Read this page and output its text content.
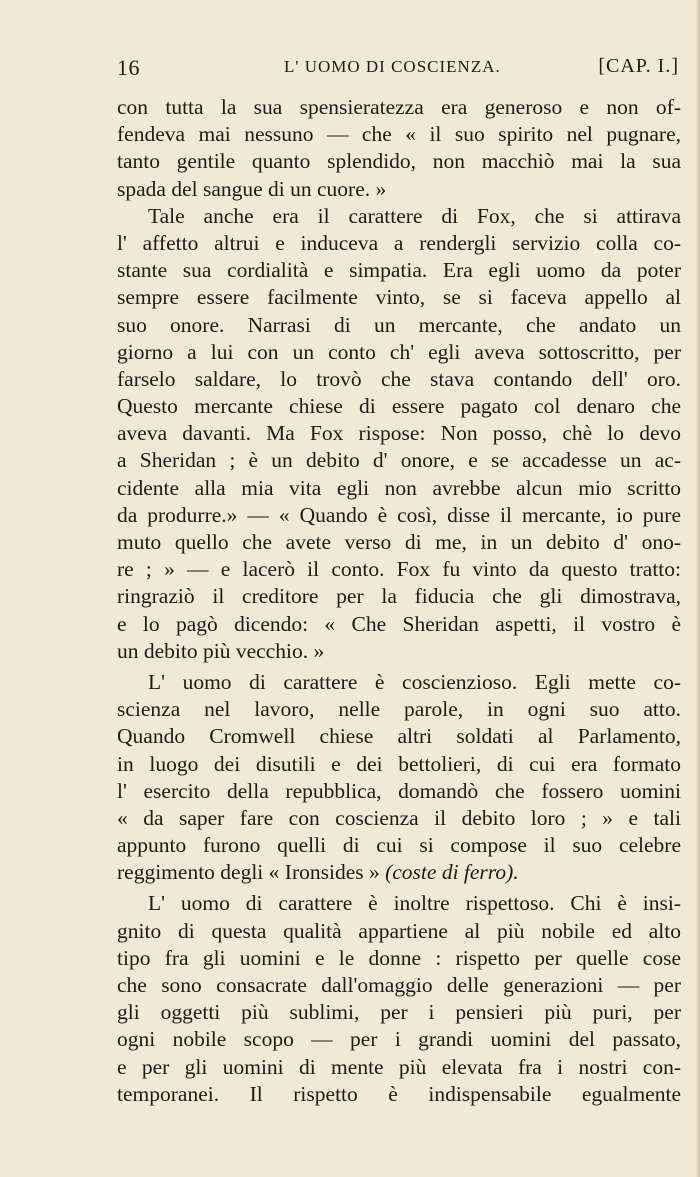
16	L' UOMO DI COSCIENZA.	[CAP. I.]
con tutta la sua spensieratezza era generoso e non of-
fendeva mai nessuno — che « il suo spirito nel pugnare,
tanto gentile quanto splendido, non macchiò mai la sua
spada del sangue di un cuore. »
Tale anche era il carattere di Fox, che si attirava
l' affetto altrui e induceva a rendergli servizio colla co-
stante sua cordialità e simpatia. Era egli uomo da poter
sempre essere facilmente vinto, se si faceva appello al
suo onore. Narrasi di un mercante, che andato un
giorno a lui con un conto ch' egli aveva sottoscritto, per
farselo saldare, lo trovò che stava contando dell' oro.
Questo mercante chiese di essere pagato col denaro che
aveva davanti. Ma Fox rispose: Non posso, chè lo devo
a Sheridan ; è un debito d' onore, e se accadesse un ac-
cidente alla mia vita egli non avrebbe alcun mio scritto
da produrre.» — « Quando è così, disse il mercante, io pure
muto quello che avete verso di me, in un debito d' ono-
re ; » — e lacerò il conto. Fox fu vinto da questo tratto:
ringraziò il creditore per la fiducia che gli dimostrava,
e lo pagò dicendo: « Che Sheridan aspetti, il vostro è
un debito più vecchio. »
L' uomo di carattere è coscienzioso. Egli mette co-
scienza nel lavoro, nelle parole, in ogni suo atto.
Quando Cromwell chiese altri soldati al Parlamento,
in luogo dei disutili e dei bettolieri, di cui era formato
l' esercito della repubblica, domandò che fossero uomini
« da saper fare con coscienza il debito loro ; » e tali
appunto furono quelli di cui si compose il suo celebre
reggimento degli « Ironsides » (coste di ferro).
L' uomo di carattere è inoltre rispettoso. Chi è insi-
gnito di questa qualità appartiene al più nobile ed alto
tipo fra gli uomini e le donne : rispetto per quelle cose
che sono consacrate dall'omaggio delle generazioni — per
gli oggetti più sublimi, per i pensieri più puri, per
ogni nobile scopo — per i grandi uomini del passato,
e per gli uomini di mente più elevata fra i nostri con-
temporanei. Il rispetto è indispensabile egualmente
